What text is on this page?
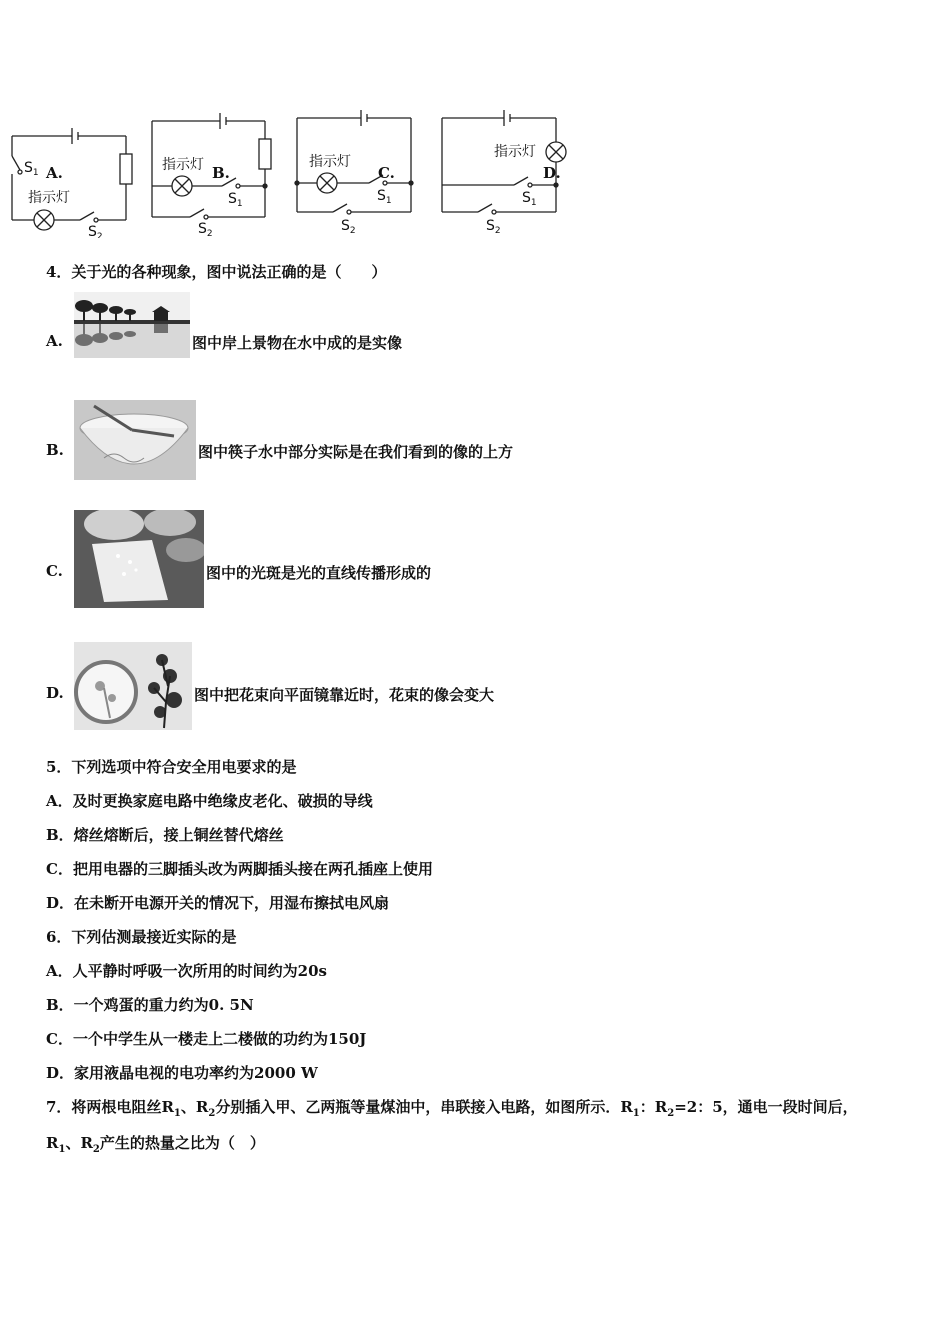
A.
$S_1$
指示灯
$S_2$

B.
指示灯
$S_1$
$S_2$

C.
指示灯
$S_1$
$S_2$

D.
指示灯
$S_1$
$S_2$
4．关于光的各种现象，图中说法正确的是（　　）
A.	图中岸上景物在水中成的是实像
B.	图中筷子水中部分实际是在我们看到的像的上方
C.	图中的光斑是光的直线传播形成的
D.	图中把花束向平面镜靠近时，花束的像会变大
5．下列选项中符合安全用电要求的是
A．及时更换家庭电路中绝缘皮老化、破损的导线
B．熔丝熔断后，接上铜丝替代熔丝
C．把用电器的三脚插头改为两脚插头接在两孔插座上使用
D．在未断开电源开关的情况下，用湿布擦拭电风扇
6．下列估测最接近实际的是
A．人平静时呼吸一次所用的时间约为20s
B．一个鸡蛋的重力约为0. 5N
C．一个中学生从一楼走上二楼做的功约为150J
D．家用液晶电视的电功率约为2000 W
7．将两根电阻丝$R_1$、$R_2$分别插入甲、乙两瓶等量煤油中，串联接入电路，如图所示．$R_1$：$R_2=2$：5，通电一段时间后，
$R_1$、$R_2$产生的热量之比为（　）
